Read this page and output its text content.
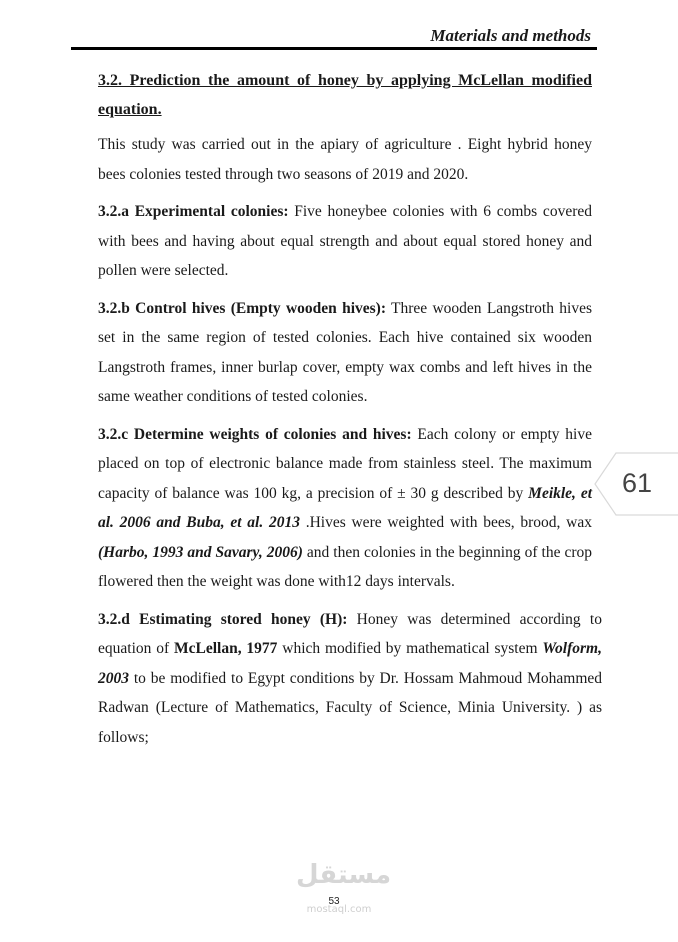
Materials and methods

3.2. Prediction the amount of honey by applying McLellan modified equation.

This study was carried out in the apiary of agriculture . Eight hybrid honey bees colonies tested through two seasons of 2019 and 2020.

3.2.a Experimental colonies: Five honeybee colonies with 6 combs covered with bees and having about equal strength and about equal stored honey and pollen were selected.

3.2.b Control hives (Empty wooden hives): Three wooden Langstroth hives set in the same region of tested colonies. Each hive contained six wooden Langstroth frames, inner burlap cover, empty wax combs and left hives in the same weather conditions of tested colonies.

3.2.c Determine weights of colonies and hives: Each colony or empty hive placed on top of electronic balance made from stainless steel. The maximum capacity of balance was 100 kg, a precision of ± 30 g described by Meikle, et al. 2006 and Buba, et al. 2013 .Hives were weighted with bees, brood, wax (Harbo, 1993 and Savary, 2006) and then colonies in the beginning of the crop flowered then the weight was done with12 days intervals.

3.2.d Estimating stored honey (H): Honey was determined according to equation of McLellan, 1977 which modified by mathematical system Wolform, 2003 to be modified to Egypt conditions by Dr. Hossam Mahmoud Mohammed Radwan (Lecture of Mathematics, Faculty of Science, Minia University. ) as follows;

61
مستقل
mostaql.com
53
